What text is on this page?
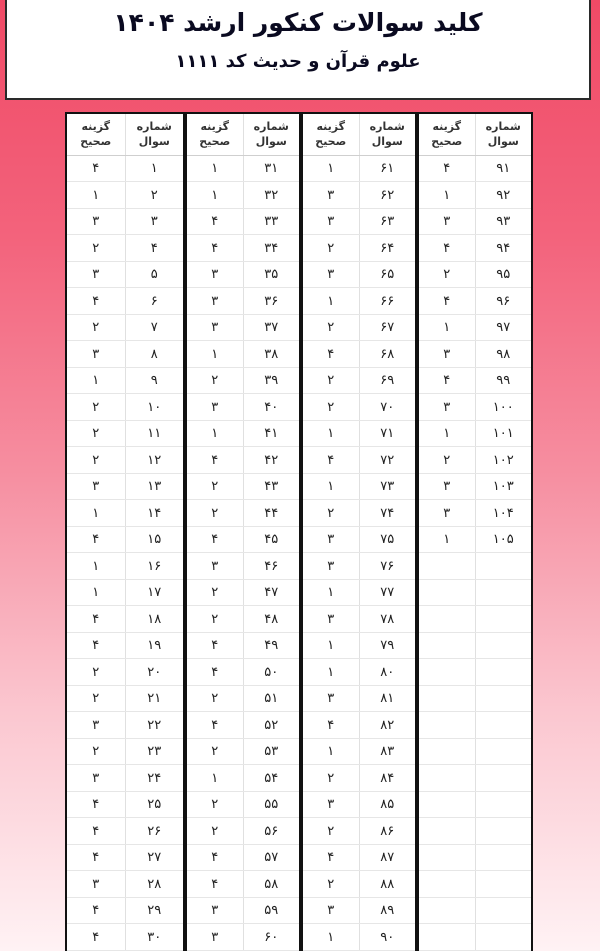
کلید سوالات کنکور ارشد ۱۴۰۴
علوم قرآن و حدیث کد ۱۱۱۱
گزینه
صحیح
شماره
سوال
۴	۱
۱	۲
۳	۳
۲	۴
۳	۵
۴	۶
۲	۷
۳	۸
۱	۹
۲	۱۰
۲	۱۱
۲	۱۲
۳	۱۳
۱	۱۴
۴	۱۵
۱	۱۶
۱	۱۷
۴	۱۸
۴	۱۹
۲	۲۰
۲	۲۱
۳	۲۲
۲	۲۳
۳	۲۴
۴	۲۵
۴	۲۶
۴	۲۷
۳	۲۸
۴	۲۹
۴	۳۰
گزینه
صحیح
شماره
سوال
۱	۳۱
۱	۳۲
۴	۳۳
۴	۳۴
۳	۳۵
۳	۳۶
۳	۳۷
۱	۳۸
۲	۳۹
۳	۴۰
۱	۴۱
۴	۴۲
۲	۴۳
۲	۴۴
۴	۴۵
۳	۴۶
۲	۴۷
۲	۴۸
۴	۴۹
۴	۵۰
۲	۵۱
۴	۵۲
۲	۵۳
۱	۵۴
۲	۵۵
۲	۵۶
۴	۵۷
۴	۵۸
۳	۵۹
۳	۶۰
گزینه
صحیح
شماره
سوال
۱	۶۱
۳	۶۲
۳	۶۳
۲	۶۴
۳	۶۵
۱	۶۶
۲	۶۷
۴	۶۸
۲	۶۹
۲	۷۰
۱	۷۱
۴	۷۲
۱	۷۳
۲	۷۴
۳	۷۵
۳	۷۶
۱	۷۷
۳	۷۸
۱	۷۹
۱	۸۰
۳	۸۱
۴	۸۲
۱	۸۳
۲	۸۴
۳	۸۵
۲	۸۶
۴	۸۷
۲	۸۸
۳	۸۹
۱	۹۰
گزینه
صحیح
شماره
سوال
۴	۹۱
۱	۹۲
۳	۹۳
۴	۹۴
۲	۹۵
۴	۹۶
۱	۹۷
۳	۹۸
۴	۹۹
۳	۱۰۰
۱	۱۰۱
۲	۱۰۲
۳	۱۰۳
۳	۱۰۴
۱	۱۰۵
